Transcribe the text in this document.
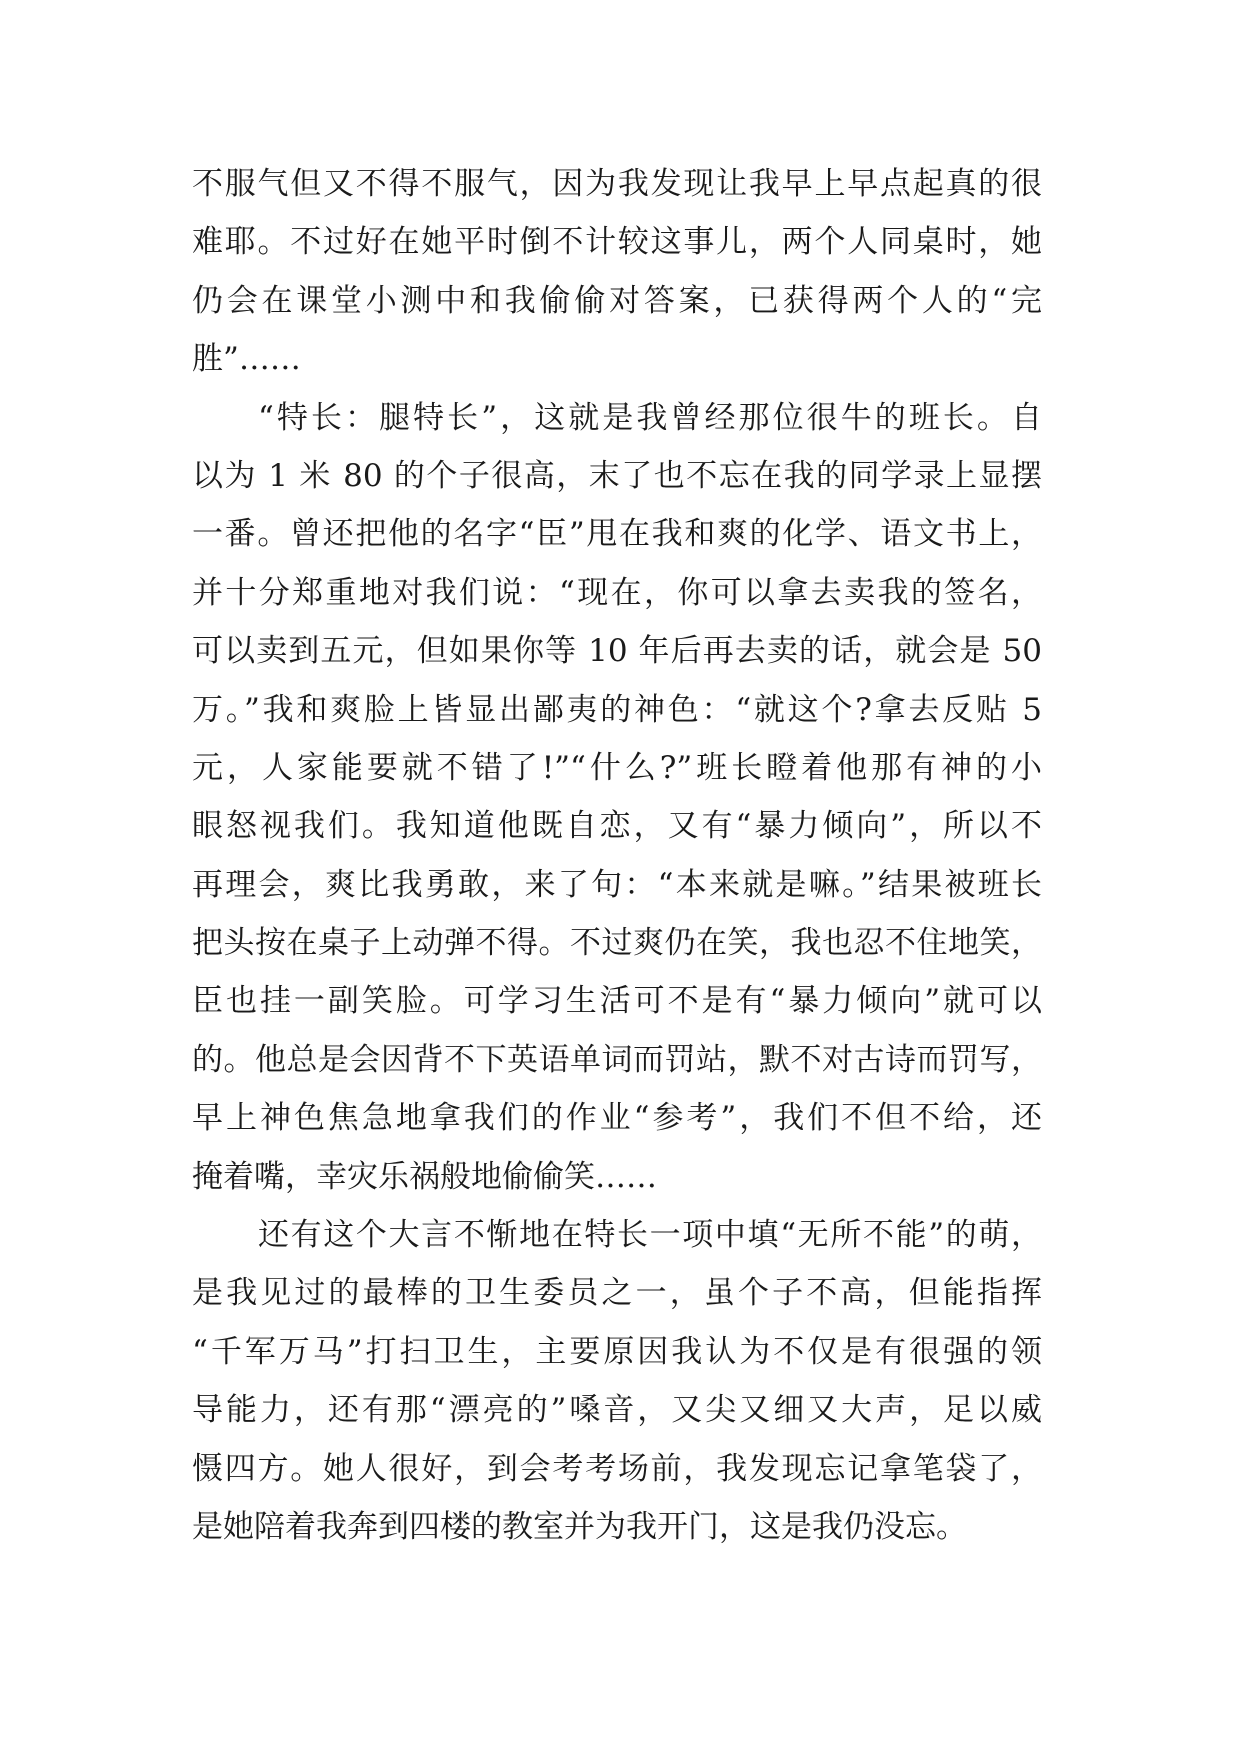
不服气但又不得不服气，因为我发现让我早上早点起真的很
难耶。不过好在她平时倒不计较这事儿，两个人同桌时，她
仍会在课堂小测中和我偷偷对答案，已获得两个人的“完
胜”……
“特长：腿特长”，这就是我曾经那位很牛的班长。自
以为 1 米 80 的个子很高，末了也不忘在我的同学录上显摆
一番。曾还把他的名字“臣”甩在我和爽的化学、语文书上，
并十分郑重地对我们说：“现在，你可以拿去卖我的签名，
可以卖到五元，但如果你等 10 年后再去卖的话，就会是 50
万。”我和爽脸上皆显出鄙夷的神色：“就这个?拿去反贴 5
元，人家能要就不错了!”“什么?”班长瞪着他那有神的小
眼怒视我们。我知道他既自恋，又有“暴力倾向”，所以不
再理会，爽比我勇敢，来了句：“本来就是嘛。”结果被班长
把头按在桌子上动弹不得。不过爽仍在笑，我也忍不住地笑，
臣也挂一副笑脸。可学习生活可不是有“暴力倾向”就可以
的。他总是会因背不下英语单词而罚站，默不对古诗而罚写，
早上神色焦急地拿我们的作业“参考”，我们不但不给，还
掩着嘴，幸灾乐祸般地偷偷笑……
还有这个大言不惭地在特长一项中填“无所不能”的萌，
是我见过的最棒的卫生委员之一，虽个子不高，但能指挥
“千军万马”打扫卫生，主要原因我认为不仅是有很强的领
导能力，还有那“漂亮的”嗓音，又尖又细又大声，足以威
慑四方。她人很好，到会考考场前，我发现忘记拿笔袋了，
是她陪着我奔到四楼的教室并为我开门，这是我仍没忘。
